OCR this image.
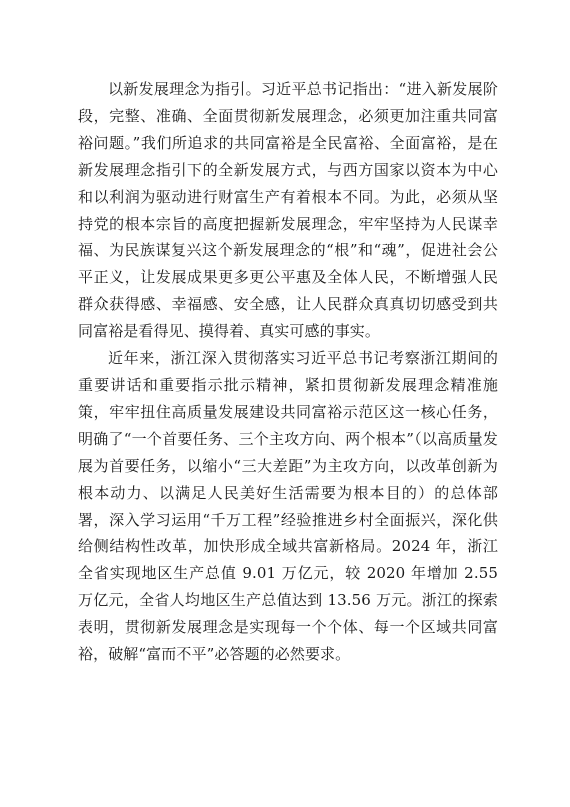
以新发展理念为指引。习近平总书记指出：“进入新发展阶段，完整、准确、全面贯彻新发展理念，必须更加注重共同富裕问题。”我们所追求的共同富裕是全民富裕、全面富裕，是在新发展理念指引下的全新发展方式，与西方国家以资本为中心和以利润为驱动进行财富生产有着根本不同。为此，必须从坚持党的根本宗旨的高度把握新发展理念，牢牢坚持为人民谋幸福、为民族谋复兴这个新发展理念的“根”和“魂”，促进社会公平正义，让发展成果更多更公平惠及全体人民，不断增强人民群众获得感、幸福感、安全感，让人民群众真真切切感受到共同富裕是看得见、摸得着、真实可感的事实。

近年来，浙江深入贯彻落实习近平总书记考察浙江期间的重要讲话和重要指示批示精神，紧扣贯彻新发展理念精准施策，牢牢扭住高质量发展建设共同富裕示范区这一核心任务，明确了“一个首要任务、三个主攻方向、两个根本”（以高质量发展为首要任务，以缩小“三大差距”为主攻方向，以改革创新为根本动力、以满足人民美好生活需要为根本目的）的总体部署，深入学习运用“千万工程”经验推进乡村全面振兴，深化供给侧结构性改革，加快形成全域共富新格局。2024 年，浙江全省实现地区生产总值 9.01 万亿元，较 2020 年增加 2.55 万亿元，全省人均地区生产总值达到 13.56 万元。浙江的探索表明，贯彻新发展理念是实现每一个个体、每一个区域共同富裕，破解“富而不平”必答题的必然要求。
